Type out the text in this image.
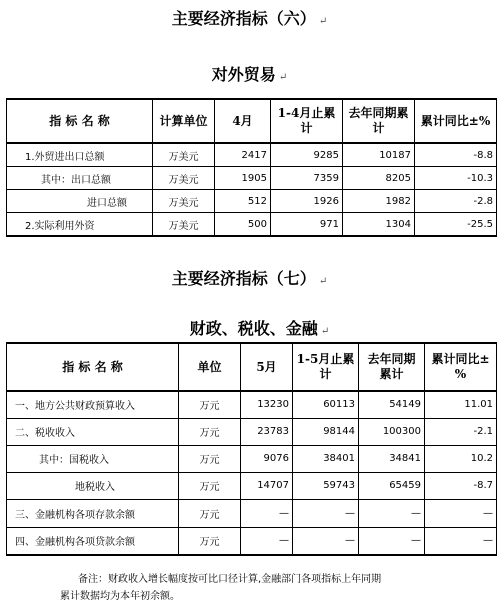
主要经济指标（六） ↵
对外贸易 ↵
指 标 名 称	计算单位	4月	1-4月止累计	去年同期累计	累计同比±%
1.外贸进出口总额	万美元	2417	9285	10187	-8.8
其中：出口总额	万美元	1905	7359	8205	-10.3
进口总额	万美元	512	1926	1982	-2.8
2.实际利用外资	万美元	500	971	1304	-25.5
主要经济指标（七） ↵
财政、税收、金融 ↵
指 标 名 称	单位	5月	1-5月止累计	去年同期累计	累计同比±%
一、地方公共财政预算收入	万元	13230	60113	54149	11.01
二、税收收入	万元	23783	98144	100300	-2.1
其中：国税收入	万元	9076	38401	34841	10.2
地税收入	万元	14707	59743	65459	-8.7
三、金融机构各项存款余额	万元	—	—	—	—
四、金融机构各项贷款余额	万元	—	—	—	—
备注：财政收入增长幅度按可比口径计算,金融部门各项指标上年同期
累计数据均为本年初余额。
